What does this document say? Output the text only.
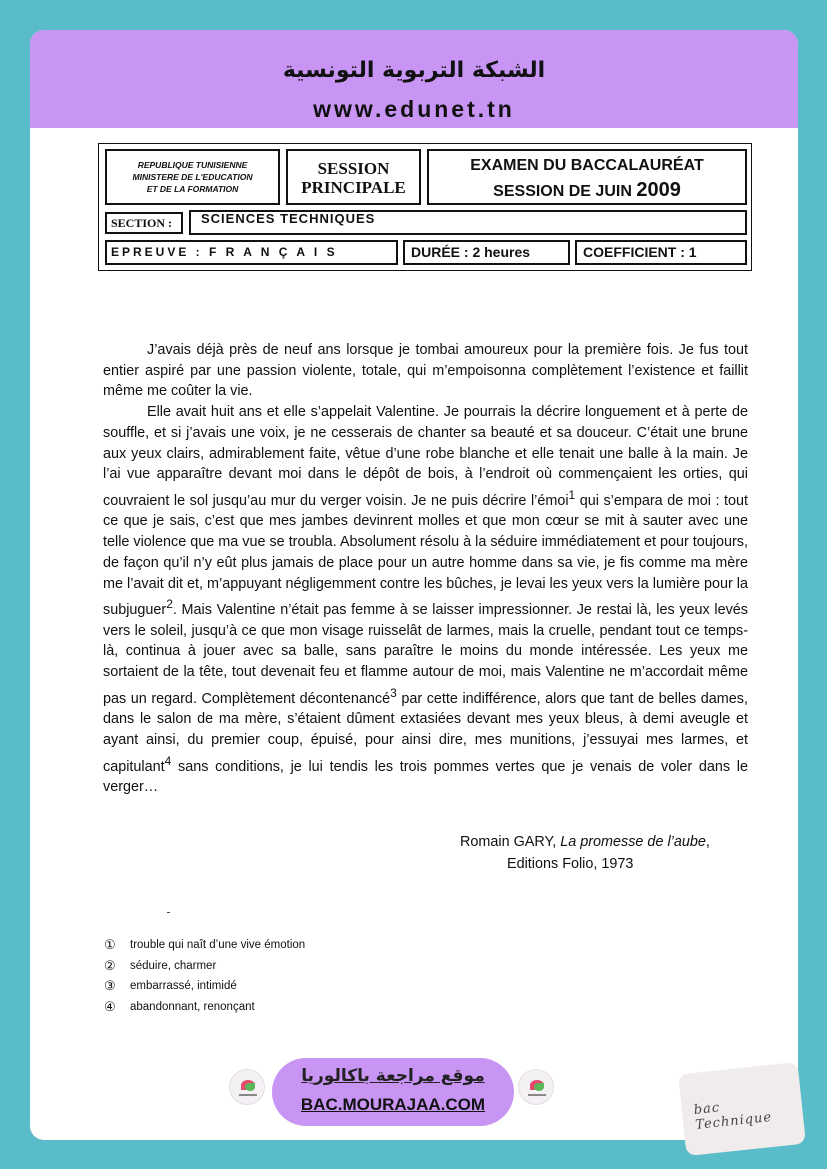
الشبكة التربوية التونسية
www.edunet.tn
REPUBLIQUE TUNISIENNE
MINISTERE DE L'EDUCATION
ET DE LA FORMATION
SESSION
PRINCIPALE
EXAMEN DU BACCALAURÉAT
SESSION DE JUIN 2009
SECTION :	SCIENCES TECHNIQUES
EPREUVE : F R A N Ç A I S	DURÉE : 2 heures	COEFFICIENT : 1

J’avais déjà près de neuf ans lorsque je tombai amoureux pour la première fois. Je fus tout entier aspiré par une passion violente, totale, qui m’empoisonna complètement l’existence et faillit même me coûter la vie.

Elle avait huit ans et elle s’appelait Valentine. Je pourrais la décrire longuement et à perte de souffle, et si j’avais une voix, je ne cesserais de chanter sa beauté et sa douceur. C’était une brune aux yeux clairs, admirablement faite, vêtue d’une robe blanche et elle tenait une balle à la main. Je l’ai vue apparaître devant moi dans le dépôt de bois, à l’endroit où commençaient les orties, qui couvraient le sol jusqu’au mur du verger voisin. Je ne puis décrire l’émoi$^1$ qui s’empara de moi : tout ce que je sais, c’est que mes jambes devinrent molles et que mon cœur se mit à sauter avec une telle violence que ma vue se troubla. Absolument résolu à la séduire immédiatement et pour toujours, de façon qu’il n’y eût plus jamais de place pour un autre homme dans sa vie, je fis comme ma mère me l’avait dit et, m’appuyant négligemment contre les bûches, je levai les yeux vers la lumière pour la subjuguer$^2$. Mais Valentine n’était pas femme à se laisser impressionner. Je restai là, les yeux levés vers le soleil, jusqu’à ce que mon visage ruisselât de larmes, mais la cruelle, pendant tout ce temps-là, continua à jouer avec sa balle, sans paraître le moins du monde intéressée. Les yeux me sortaient de la tête, tout devenait feu et flamme autour de moi, mais Valentine ne m’accordait même pas un regard. Complètement décontenancé$^3$ par cette indifférence, alors que tant de belles dames, dans le salon de ma mère, s’étaient dûment extasiées devant mes yeux bleus, à demi aveugle et ayant ainsi, du premier coup, épuisé, pour ainsi dire, mes munitions, j’essuyai mes larmes, et capitulant$^4$ sans conditions, je lui tendis les trois pommes vertes que je venais de voler dans le verger…

Romain GARY, La promesse de l’aube,
Editions Folio, 1973
①	trouble qui naît d’une vive émotion
②	séduire, charmer
③	embarrassé, intimidé
④	abandonnant, renonçant
موقع مراجعة باكالوريا
BAC.MOURAJAA.COM	bac Technique
